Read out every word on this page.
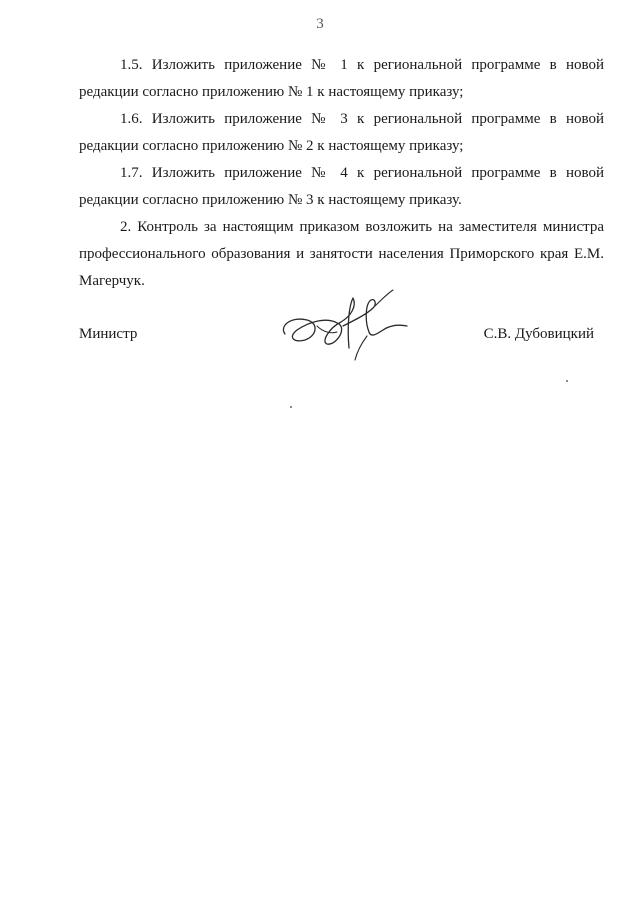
3

1.5. Изложить приложение № 1 к региональной программе в новой редакции согласно приложению № 1 к настоящему приказу;

1.6. Изложить приложение № 3 к региональной программе в новой редакции согласно приложению № 2 к настоящему приказу;

1.7. Изложить приложение № 4 к региональной программе в новой редакции согласно приложению № 3 к настоящему приказу.

2. Контроль за настоящим приказом возложить на заместителя министра профессионального образования и занятости населения Приморского края Е.М. Магерчук.

Министр	С.В. Дубовицкий
